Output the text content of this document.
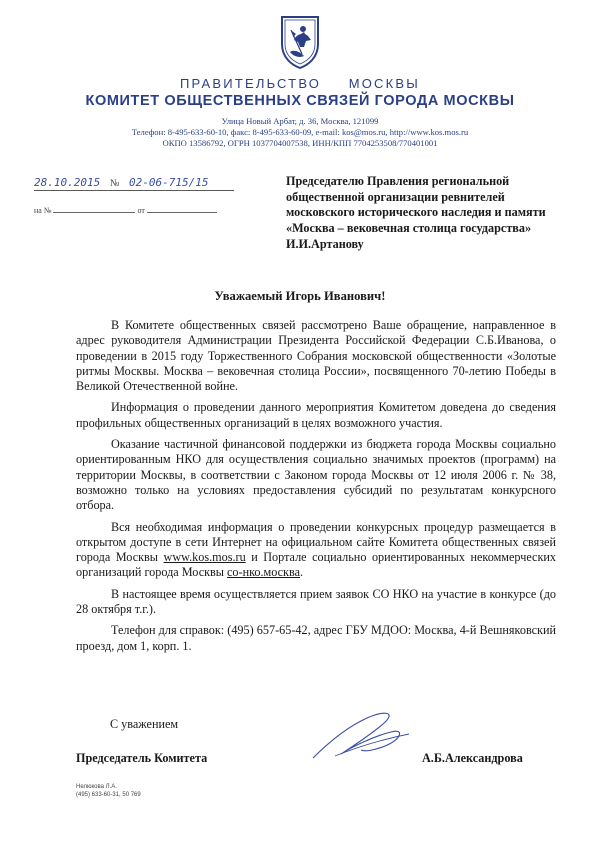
ПРАВИТЕЛЬСТВО  МОСКВЫ
КОМИТЕТ ОБЩЕСТВЕННЫХ СВЯЗЕЙ ГОРОДА МОСКВЫ
Улица Новый Арбат, д. 36, Москва, 121099
Телефон: 8-495-633-60-10, факс: 8-495-633-60-09, e-mail: kos@mos.ru, http://www.kos.mos.ru
ОКПО 13586792, ОГРН 1037704007538, ИНН/КПП 7704253508/770401001
28.10.2015 № 02-06-715/15
на №	от
Председателю Правления региональной общественной организации ревнителей московского исторического наследия и памяти «Москва – вековечная столица государства» И.И.Артанову
Уважаемый Игорь Иванович!

В Комитете общественных связей рассмотрено Ваше обращение, направленное в адрес руководителя Администрации Президента Российской Федерации С.Б.Иванова, о проведении в 2015 году Торжественного Собрания московской общественности «Золотые ритмы Москвы. Москва – вековечная столица России», посвященного 70-летию Победы в Великой Отечественной войне.

Информация о проведении данного мероприятия Комитетом доведена до сведения профильных общественных организаций в целях возможного участия.

Оказание частичной финансовой поддержки из бюджета города Москвы социально ориентированным НКО для осуществления социально значимых проектов (программ) на территории Москвы, в соответствии с Законом города Москвы от 12 июля 2006 г. № 38, возможно только на условиях предоставления субсидий по результатам конкурсного отбора.

Вся необходимая информация о проведении конкурсных процедур размещается в открытом доступе в сети Интернет на официальном сайте Комитета общественных связей города Москвы www.kos.mos.ru и Портале социально ориентированных некоммерческих организаций города Москвы со-нко.москва.

В настоящее время осуществляется прием заявок СО НКО на участие в конкурсе (до 28 октября т.г.).

Телефон для справок: (495) 657-65-42, адрес ГБУ МДОО: Москва, 4-й Вешняковский проезд, дом 1, корп. 1.

С уважением
Председатель Комитета	А.Б.Александрова
Нелюкова Л.А.
(495) 633-60-31, 50 769
